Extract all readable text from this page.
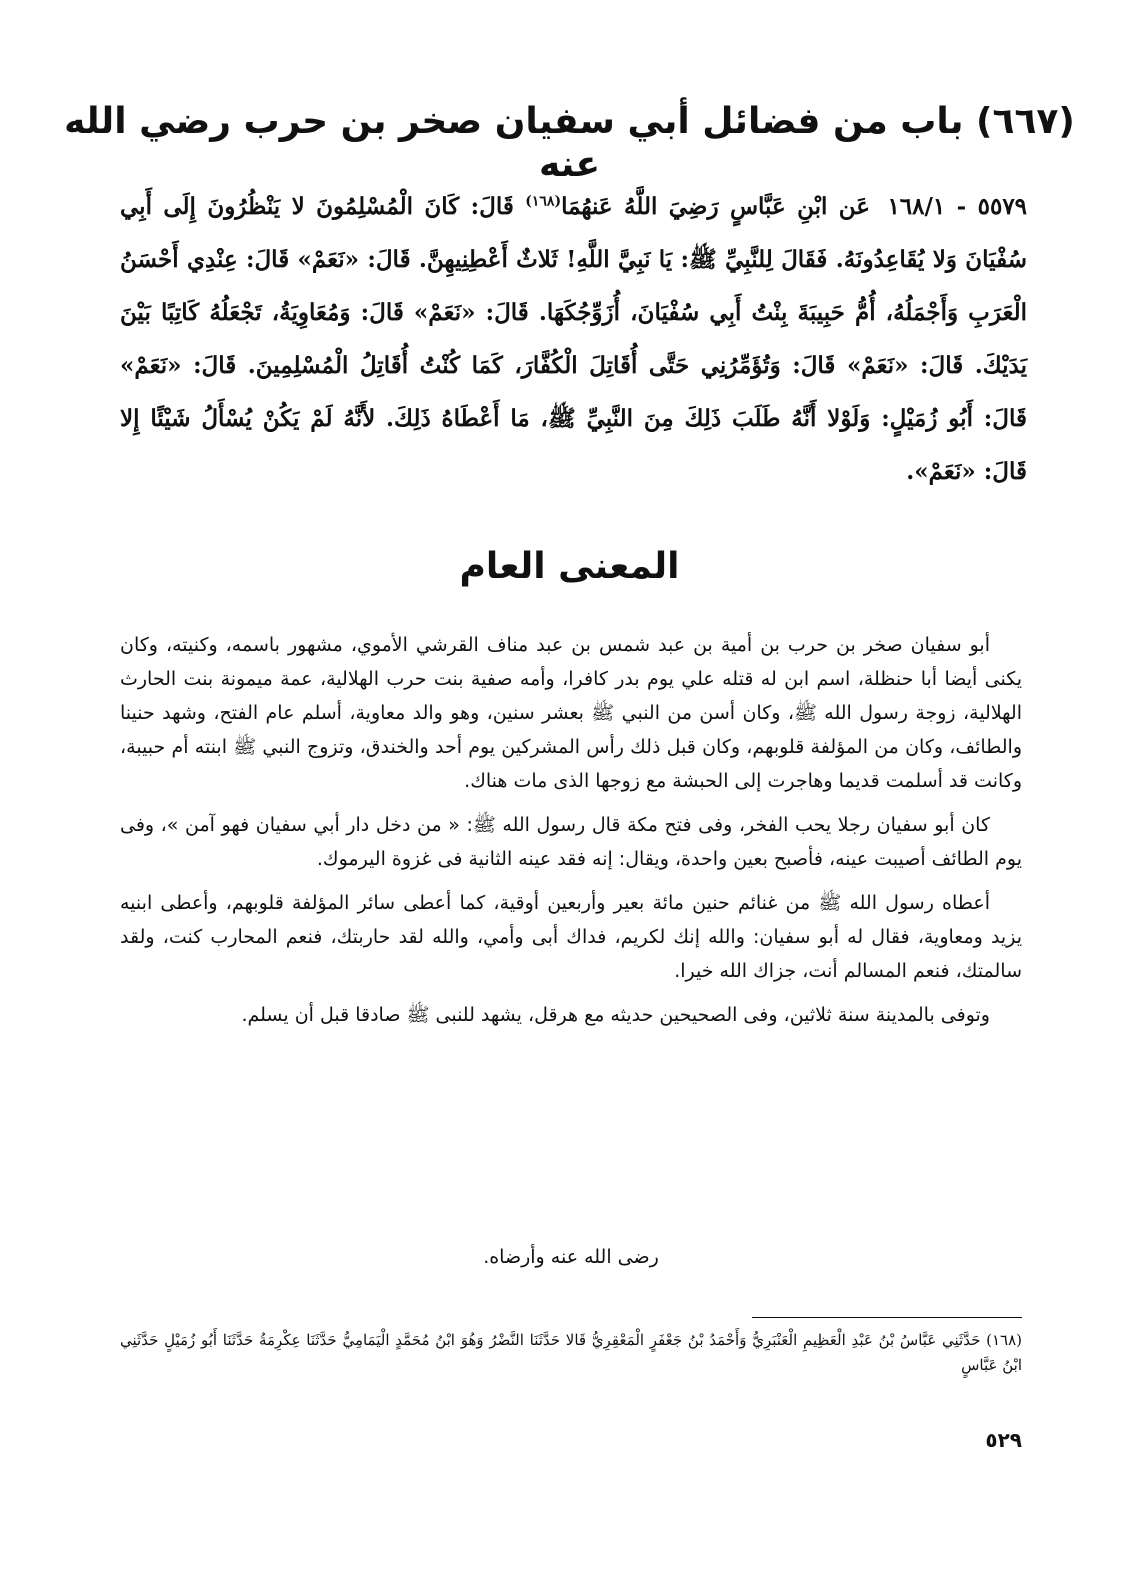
(٦٦٧) باب من فضائل أبي سفيان صخر بن حرب رضي الله عنه

٥٥٧٩ - ١٦٨/١ عَن ابْنِ عَبَّاسٍ رَضِيَ اللَّهُ عَنهُمَا$^{(١٦٨)}$ قَالَ: كَانَ الْمُسْلِمُونَ لا يَنْظُرُونَ إِلَى أَبِي سُفْيَانَ وَلا يُقَاعِدُونَهُ. فَقَالَ لِلنَّبِيِّ ﷺ: يَا نَبِيَّ اللَّهِ! ثَلاثٌ أَعْطِنِيهِنَّ. قَالَ: «نَعَمْ» قَالَ: عِنْدِي أَحْسَنُ الْعَرَبِ وَأَجْمَلُهُ، أُمُّ حَبِيبَةَ بِنْتُ أَبِي سُفْيَانَ، أُزَوِّجُكَهَا. قَالَ: «نَعَمْ» قَالَ: وَمُعَاوِيَةُ، تَجْعَلُهُ كَاتِبًا بَيْنَ يَدَيْكَ. قَالَ: «نَعَمْ» قَالَ: وَتُؤَمِّرُنِي حَتَّى أُقَاتِلَ الْكُفَّارَ، كَمَا كُنْتُ أُقَاتِلُ الْمُسْلِمِينَ. قَالَ: «نَعَمْ» قَالَ: أَبُو زُمَيْلٍ: وَلَوْلا أَنَّهُ طَلَبَ ذَلِكَ مِنَ النَّبِيِّ ﷺ، مَا أَعْطَاهُ ذَلِكَ. لأَنَّهُ لَمْ يَكُنْ يُسْأَلُ شَيْئًا إِلا قَالَ: «نَعَمْ».

المعنى العام

أبو سفيان صخر بن حرب بن أمية بن عبد شمس بن عبد مناف القرشي الأموي، مشهور باسمه، وكنيته، وكان يكنى أيضا أبا حنظلة، اسم ابن له قتله علي يوم بدر كافرا، وأمه صفية بنت حرب الهلالية، عمة ميمونة بنت الحارث الهلالية، زوجة رسول الله ﷺ، وكان أسن من النبي ﷺ بعشر سنين، وهو والد معاوية، أسلم عام الفتح، وشهد حنينا والطائف، وكان من المؤلفة قلوبهم، وكان قبل ذلك رأس المشركين يوم أحد والخندق، وتزوج النبي ﷺ ابنته أم حبيبة، وكانت قد أسلمت قديما وهاجرت إلى الحبشة مع زوجها الذى مات هناك.

كان أبو سفيان رجلا يحب الفخر، وفى فتح مكة قال رسول الله ﷺ: « من دخل دار أبي سفيان فهو آمن »، وفى يوم الطائف أصيبت عينه، فأصبح بعين واحدة، ويقال: إنه فقد عينه الثانية فى غزوة اليرموك.

أعطاه رسول الله ﷺ من غنائم حنين مائة بعير وأربعين أوقية، كما أعطى سائر المؤلفة قلوبهم، وأعطى ابنيه يزيد ومعاوية، فقال له أبو سفيان: والله إنك لكريم، فداك أبى وأمي، والله لقد حاربتك، فنعم المحارب كنت، ولقد سالمتك، فنعم المسالم أنت، جزاك الله خيرا.

وتوفى بالمدينة سنة ثلاثين، وفى الصحيحين حديثه مع هرقل، يشهد للنبى ﷺ صادقا قبل أن يسلم.

رضى الله عنه وأرضاه.

(١٦٨) حَدَّثَنِي عَبَّاسُ بْنُ عَبْدِ الْعَظِيمِ الْعَنْبَرِيُّ وَأَحْمَدُ بْنُ جَعْفَرٍ الْمَعْقِرِيُّ قَالا حَدَّثَنَا النَّضْرُ وَهُوَ ابْنُ مُحَمَّدٍ الْيَمَامِيُّ حَدَّثَنَا عِكْرِمَةُ حَدَّثَنَا أَبُو زُمَيْلٍ حَدَّثَنِي ابْنُ عَبَّاسٍ

٥٢٩
